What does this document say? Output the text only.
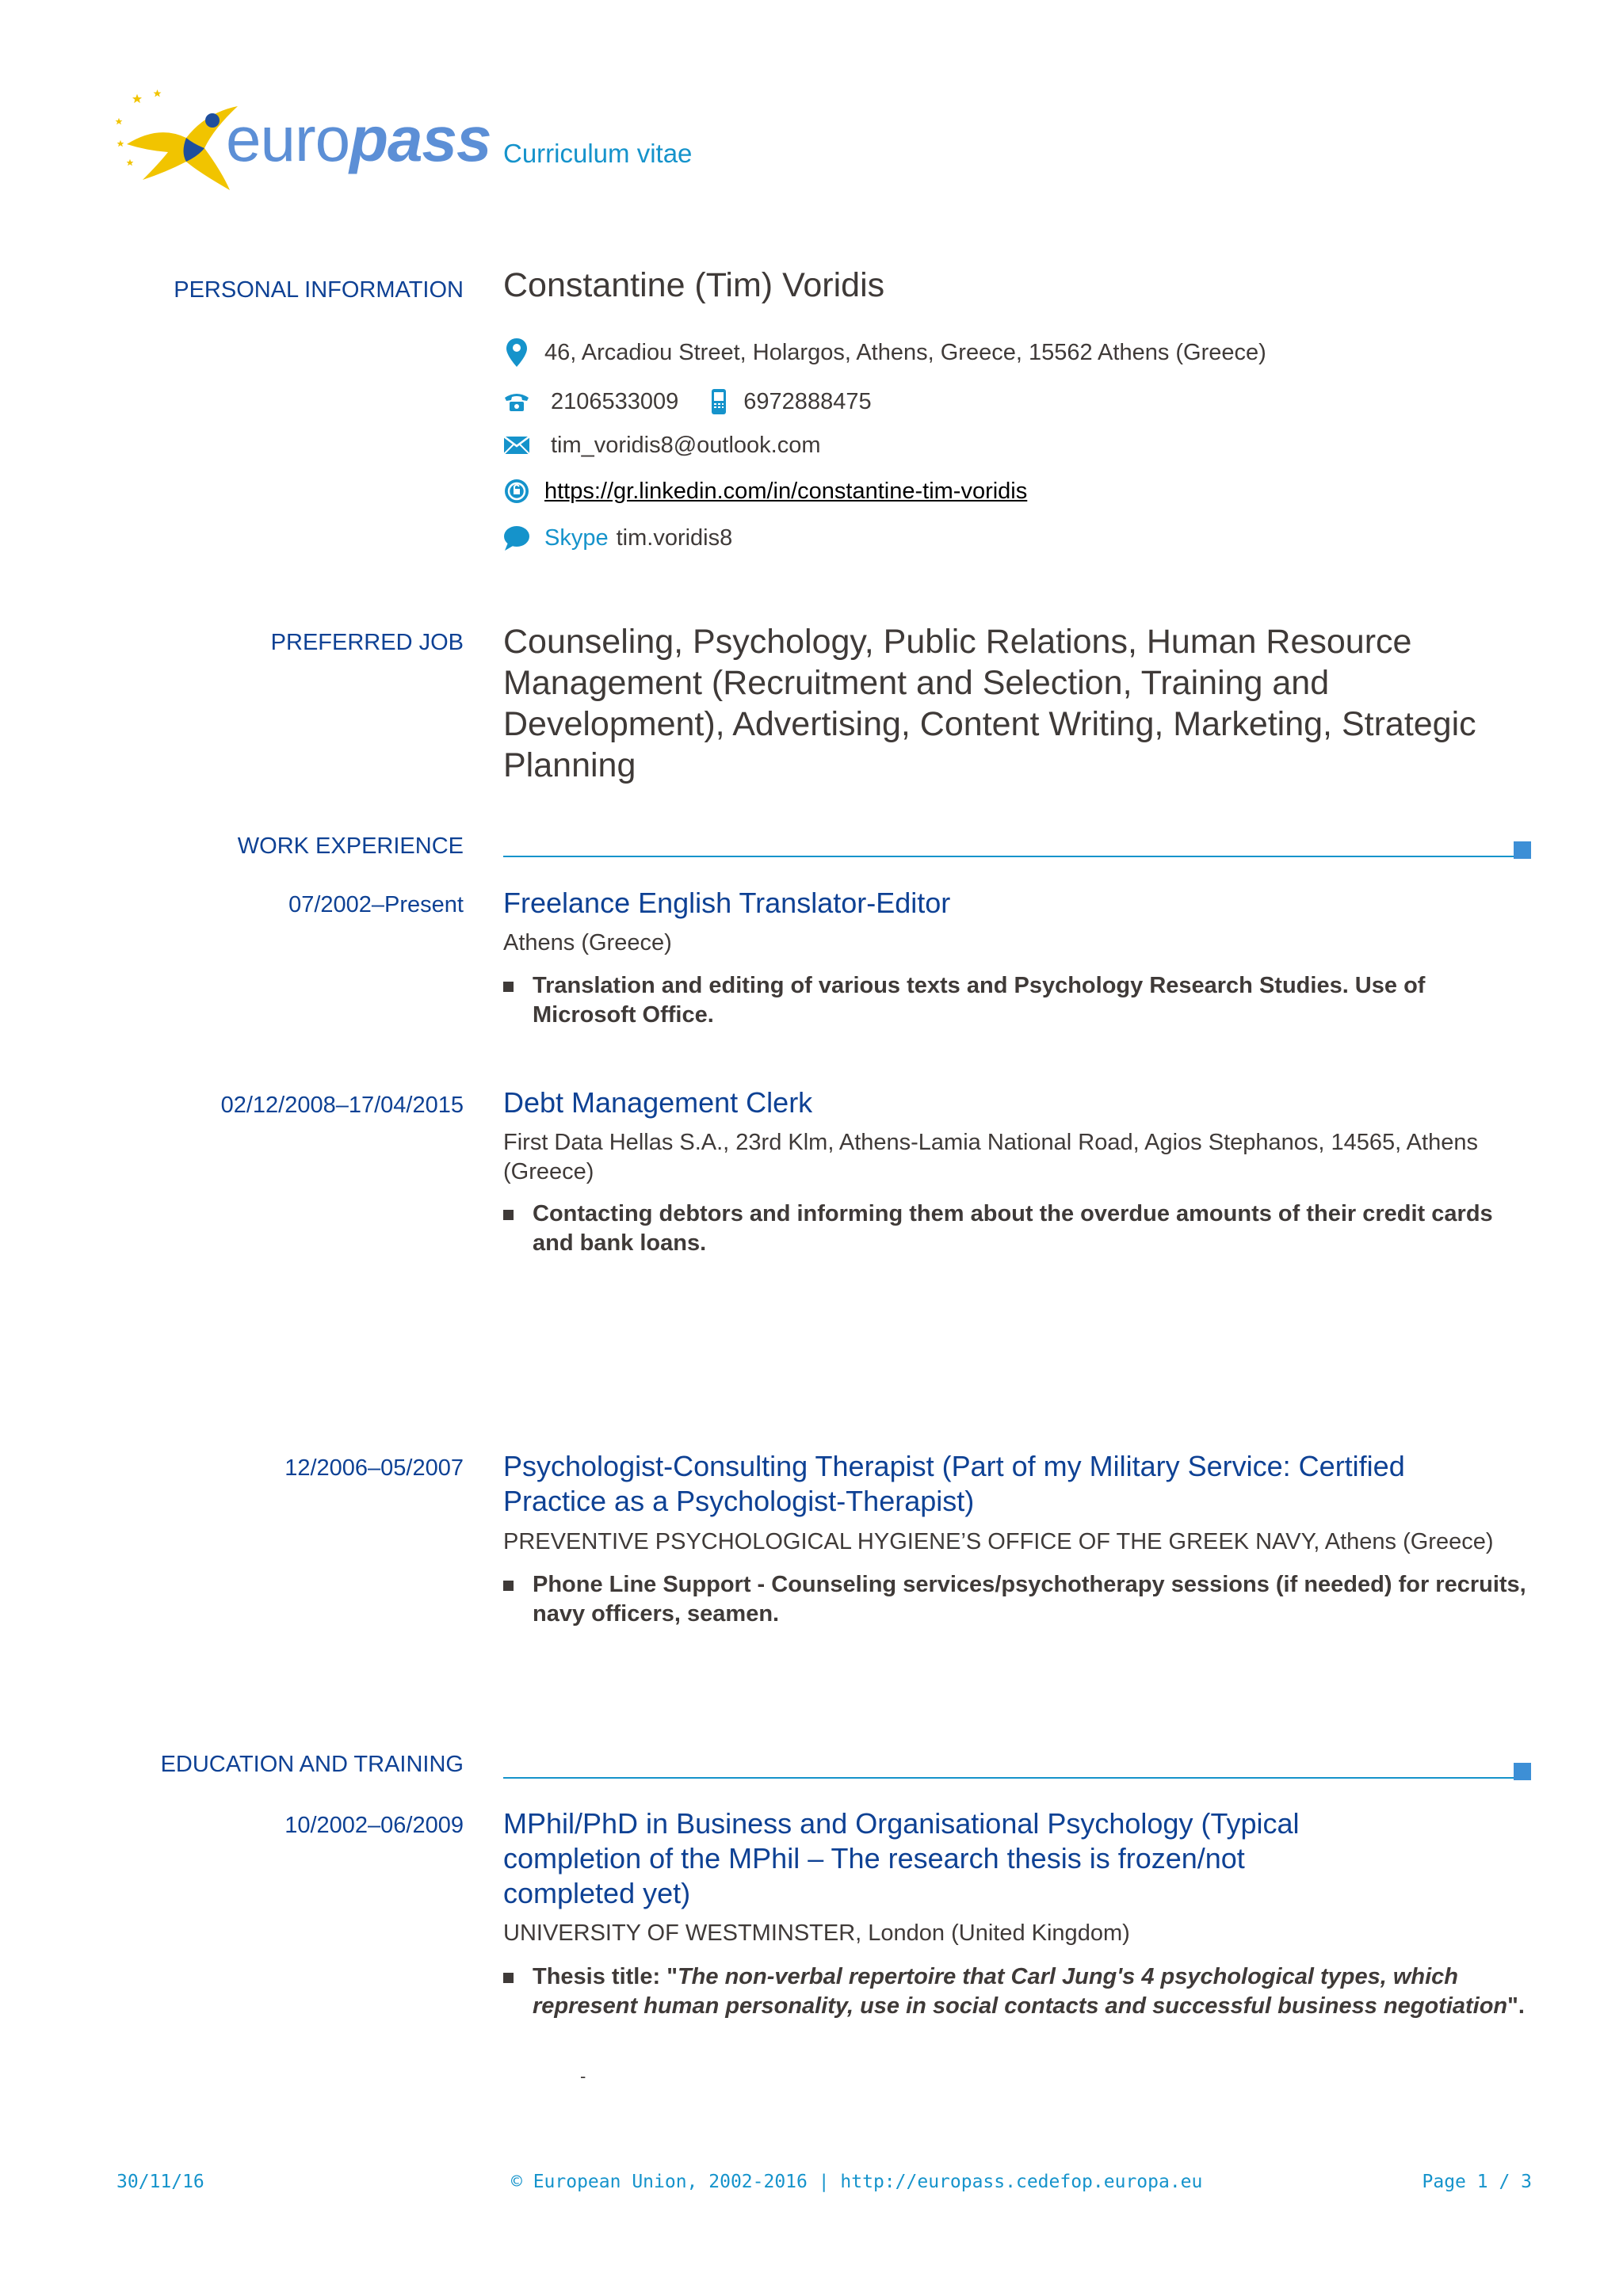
europass Curriculum vitae
PERSONAL INFORMATION Constantine (Tim) Voridis
46, Arcadiou Street, Holargos, Athens, Greece, 15562 Athens (Greece)
2106533009	6972888475
tim_voridis8@outlook.com
https://gr.linkedin.com/in/constantine-tim-voridis
Skype tim.voridis8
PREFERRED JOB Counseling, Psychology, Public Relations, Human Resource Management (Recruitment and Selection, Training and Development), Advertising, Content Writing, Marketing, Strategic Planning
WORK EXPERIENCE
07/2002–Present Freelance English Translator-Editor
Athens (Greece)
Translation and editing of various texts and Psychology Research Studies. Use of Microsoft Office.
02/12/2008–17/04/2015 Debt Management Clerk
First Data Hellas S.A., 23rd Klm, Athens-Lamia National Road, Agios Stephanos, 14565, Athens (Greece)
Contacting debtors and informing them about the overdue amounts of their credit cards and bank loans.
12/2006–05/2007 Psychologist-Consulting Therapist (Part of my Military Service: Certified Practice as a Psychologist-Therapist)
PREVENTIVE PSYCHOLOGICAL HYGIENE’S OFFICE OF THE GREEK NAVY, Athens (Greece)
Phone Line Support - Counseling services/psychotherapy sessions (if needed) for recruits, navy officers, seamen.
EDUCATION AND TRAINING
10/2002–06/2009 MPhil/PhD in Business and Organisational Psychology (Typical completion of the MPhil – The research thesis is frozen/not completed yet)
UNIVERSITY OF WESTMINSTER, London (United Kingdom)
Thesis title: "The non-verbal repertoire that Carl Jung's 4 psychological types, which represent human personality, use in social contacts and successful business negotiation".
-
30/11/16	© European Union, 2002-2016 | http://europass.cedefop.europa.eu	Page 1 / 3
